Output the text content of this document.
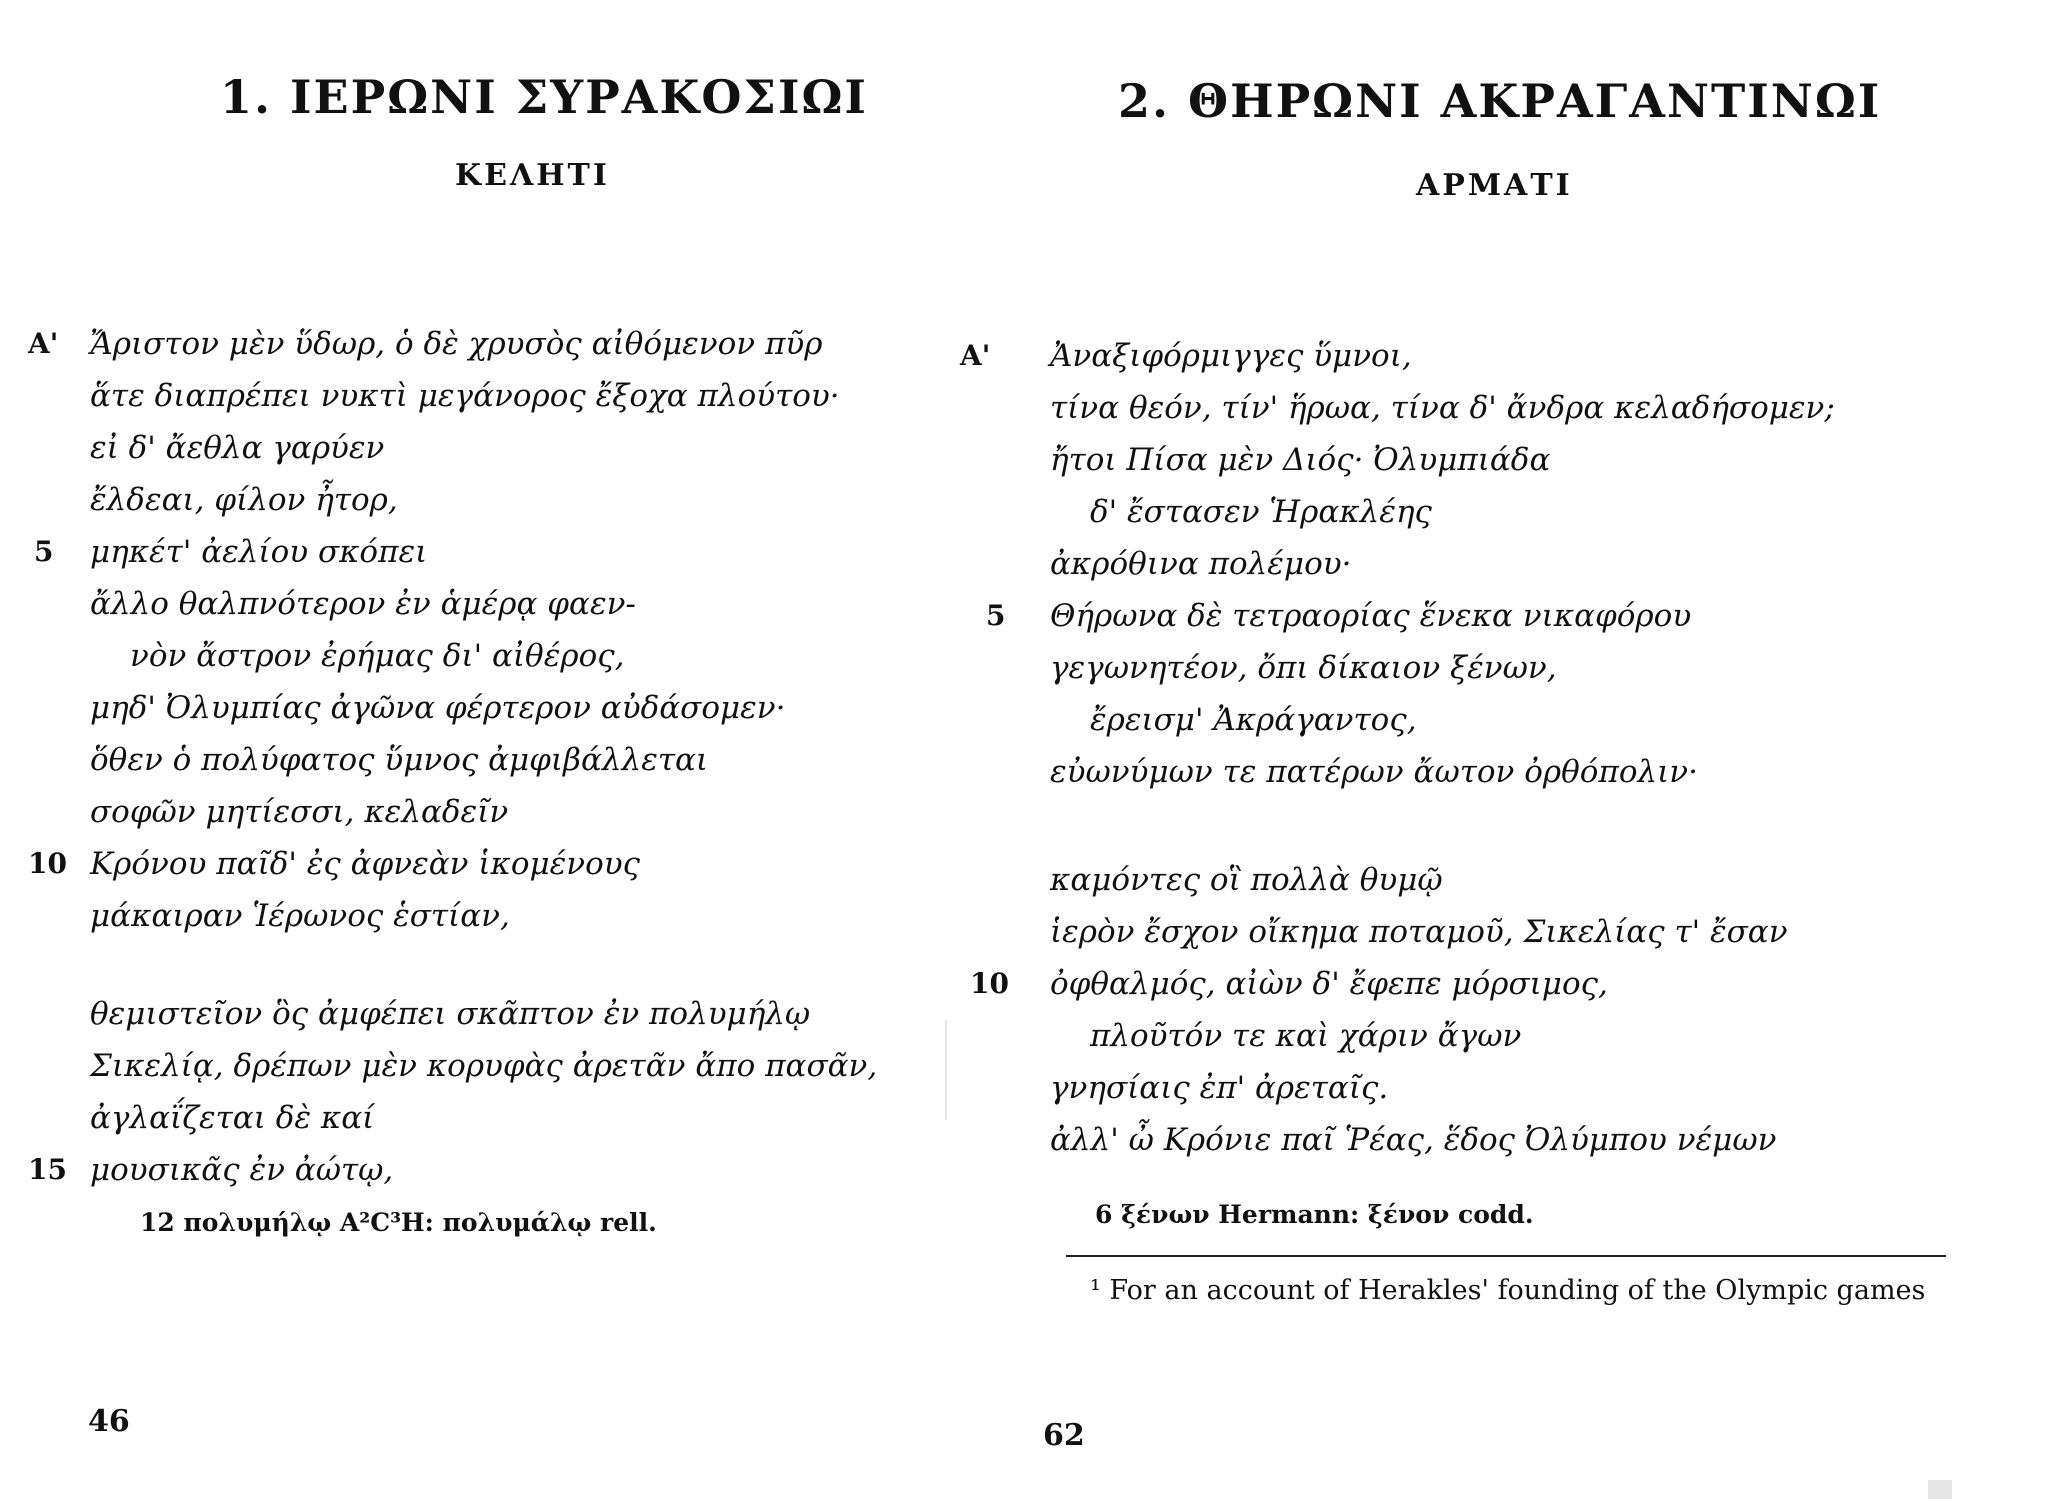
1. ΙΕΡΩΝΙ ΣΥΡΑΚΟΣΙΩΙ
ΚΕΛΗΤΙ
Α' Ἄριστον μὲν ὕδωρ, ὁ δὲ χρυσὸς αἰθόμενον πῦρ
ἅτε διαπρέπει νυκτὶ μεγάνορος ἔξοχα πλούτου·
εἰ δ' ἄεθλα γαρύεν
ἔλδεαι, φίλον ἦτορ,
5 μηκέτ' ἀελίου σκόπει
ἄλλο θαλπνότερον ἐν ἁμέρᾳ φαεν-
νὸν ἄστρον ἐρήμας δι' αἰθέρος,
μηδ' Ὀλυμπίας ἀγῶνα φέρτερον αὐδάσομεν·
ὅθεν ὁ πολύφατος ὕμνος ἀμφιβάλλεται
σοφῶν μητίεσσι, κελαδεῖν
10 Κρόνου παῖδ' ἐς ἀφνεὰν ἱκομένους
μάκαιραν Ἱέρωνος ἑστίαν,
θεμιστεῖον ὃς ἀμφέπει σκᾶπτον ἐν πολυμήλῳ
Σικελίᾳ, δρέπων μὲν κορυφὰς ἀρετᾶν ἄπο πασᾶν,
ἀγλαΐζεται δὲ καί
15 μουσικᾶς ἐν ἀώτῳ,
12 πολυμήλῳ A²C³H: πολυμάλῳ rell.
46
2. ΘΗΡΩΝΙ ΑΚΡΑΓΑΝΤΙΝΩΙ
ΑΡΜΑΤΙ
Α' Ἀναξιφόρμιγγες ὕμνοι,
τίνα θεόν, τίν' ἥρωα, τίνα δ' ἄνδρα κελαδήσομεν;
ἤτοι Πίσα μὲν Διός· Ὀλυμπιάδα
δ' ἔστασεν Ἡρακλέης
ἀκρόθινα πολέμου·
5 Θήρωνα δὲ τετραορίας ἕνεκα νικαφόρου
γεγωνητέον, ὄπι δίκαιον ξένων,
ἔρεισμ' Ἀκράγαντος,
εὐωνύμων τε πατέρων ἄωτον ὀρθόπολιν·
καμόντες οἳ πολλὰ θυμῷ
ἱερὸν ἔσχον οἴκημα ποταμοῦ, Σικελίας τ' ἔσαν
10 ὀφθαλμός, αἰὼν δ' ἔφεπε μόρσιμος,
πλοῦτόν τε καὶ χάριν ἄγων
γνησίαις ἐπ' ἀρεταῖς.
ἀλλ' ὦ Κρόνιε παῖ Ῥέας, ἕδος Ὀλύμπου νέμων
6 ξένων Hermann: ξένον codd.
¹ For an account of Herakles' founding of the Olympic games
62
